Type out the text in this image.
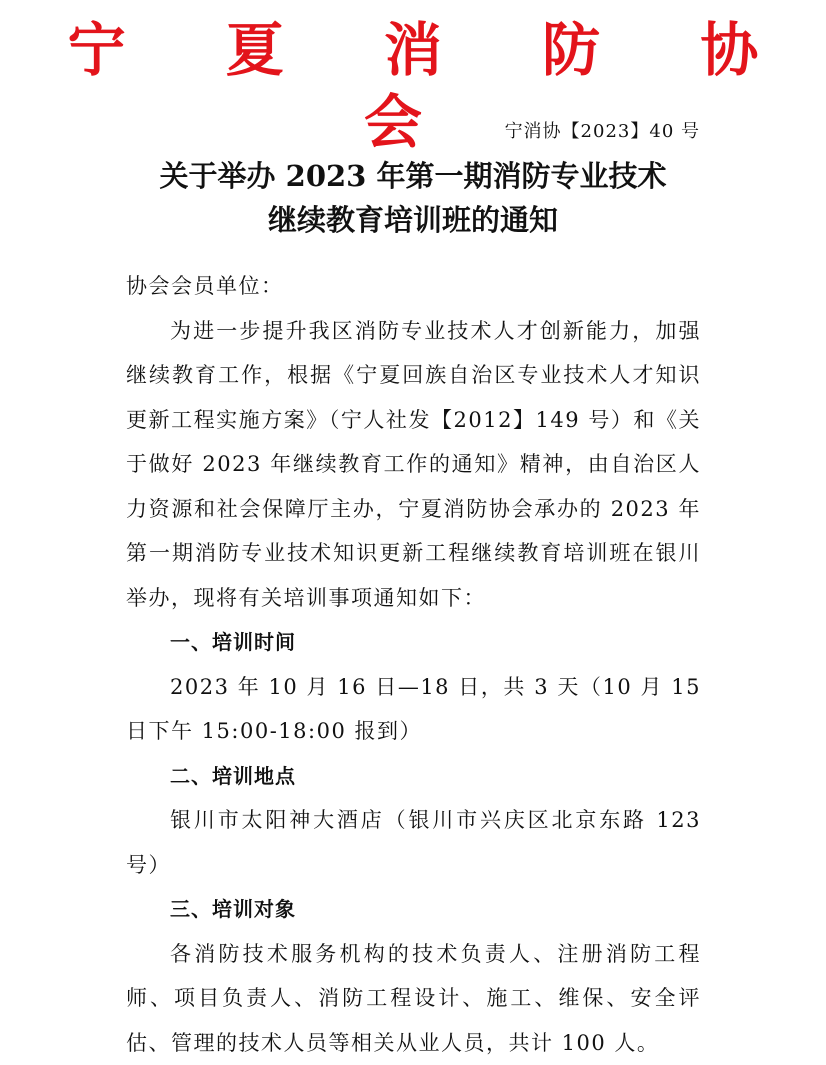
宁 夏 消 防 协 会	宁消协【2023】40 号
关于举办 2023 年第一期消防专业技术
继续教育培训班的通知

协会会员单位：

为进一步提升我区消防专业技术人才创新能力，加强继续教育工作，根据《宁夏回族自治区专业技术人才知识更新工程实施方案》（宁人社发【2012】149 号）和《关于做好 2023 年继续教育工作的通知》精神，由自治区人力资源和社会保障厅主办，宁夏消防协会承办的 2023 年第一期消防专业技术知识更新工程继续教育培训班在银川举办，现将有关培训事项通知如下：

一、培训时间

2023 年 10 月 16 日—18 日，共 3 天（10 月 15 日下午 15:00-18:00 报到）

二、培训地点

银川市太阳神大酒店（银川市兴庆区北京东路 123 号）

三、培训对象

各消防技术服务机构的技术负责人、注册消防工程师、项目负责人、消防工程设计、施工、维保、安全评估、管理的技术人员等相关从业人员，共计 100 人。
